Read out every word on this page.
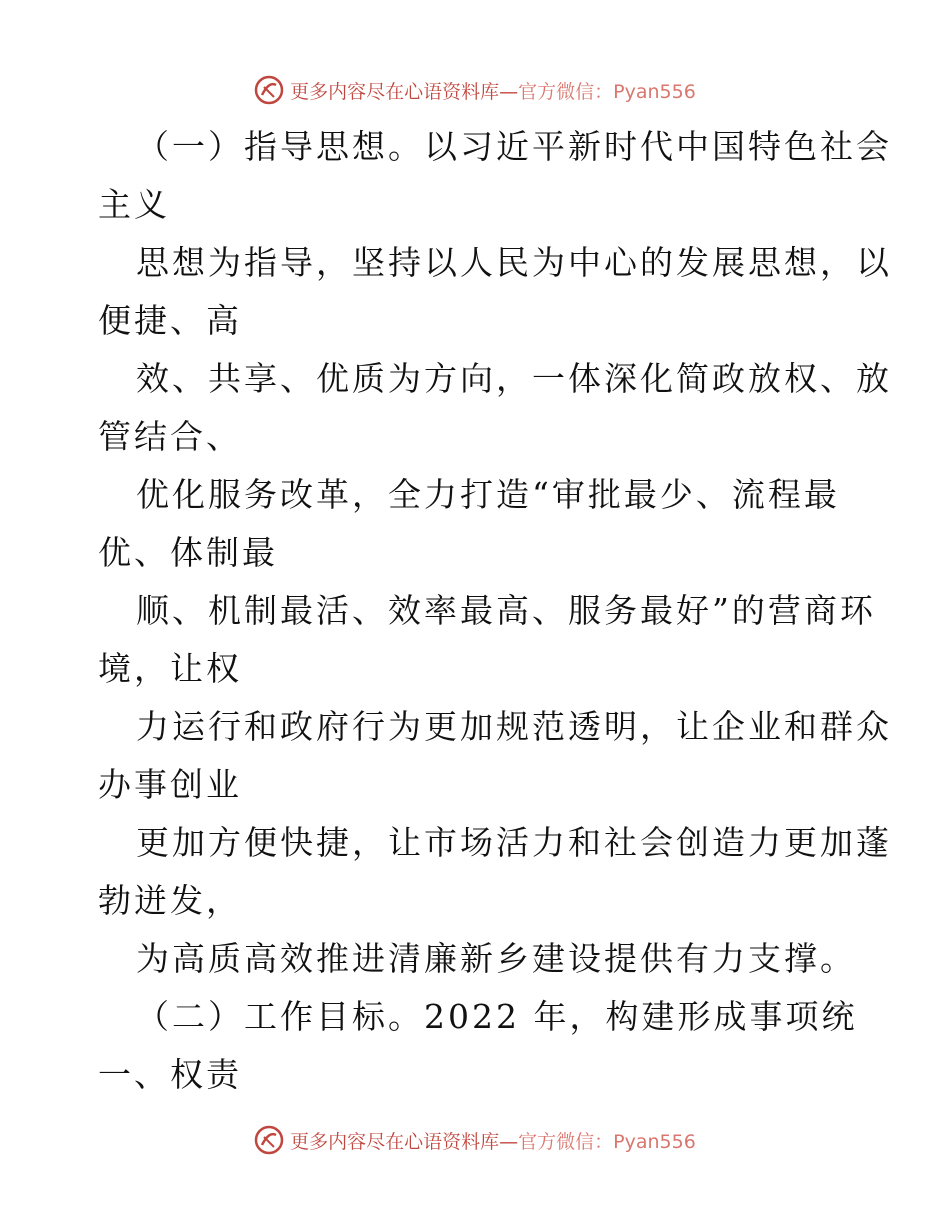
更多内容尽在心语资料库—官方微信：Pyan556
（一）指导思想。以习近平新时代中国特色社会
主义
思想为指导，坚持以人民为中心的发展思想，以
便捷、高
效、共享、优质为方向，一体深化简政放权、放
管结合、
优化服务改革，全力打造“审批最少、流程最
优、体制最
顺、机制最活、效率最高、服务最好”的营商环
境，让权
力运行和政府行为更加规范透明，让企业和群众
办事创业
更加方便快捷，让市场活力和社会创造力更加蓬
勃迸发，
为高质高效推进清廉新乡建设提供有力支撑。
（二）工作目标。2022 年，构建形成事项统
一、权责
更多内容尽在心语资料库—官方微信：Pyan556
